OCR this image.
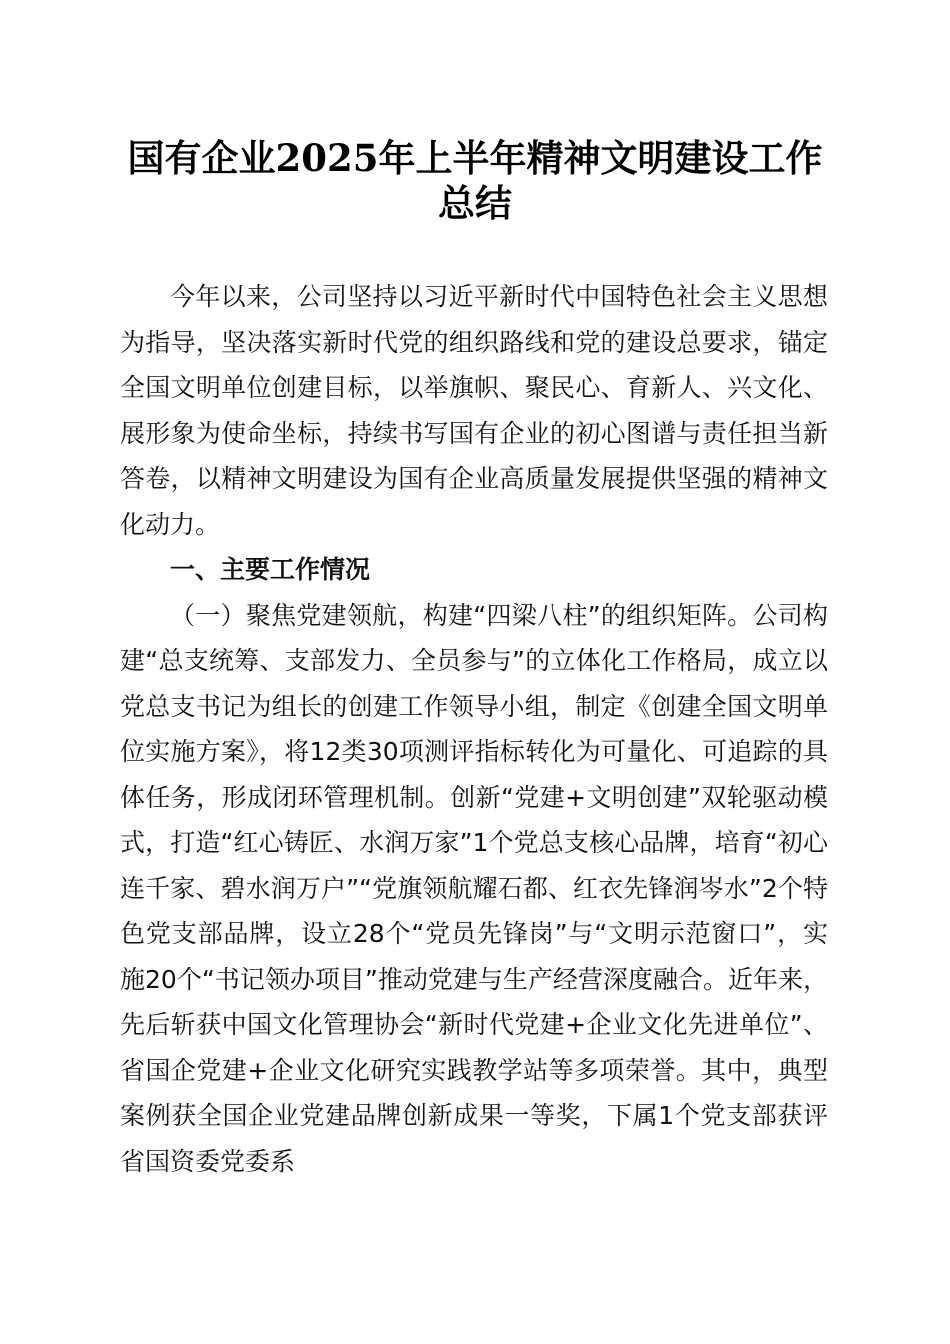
国有企业2025年上半年精神文明建设工作总结

今年以来，公司坚持以习近平新时代中国特色社会主义思想为指导，坚决落实新时代党的组织路线和党的建设总要求，锚定全国文明单位创建目标，以举旗帜、聚民心、育新人、兴文化、展形象为使命坐标，持续书写国有企业的初心图谱与责任担当新答卷，以精神文明建设为国有企业高质量发展提供坚强的精神文化动力。

一、主要工作情况

（一）聚焦党建领航，构建“四梁八柱”的组织矩阵。公司构建“总支统筹、支部发力、全员参与”的立体化工作格局，成立以党总支书记为组长的创建工作领导小组，制定《创建全国文明单位实施方案》，将12类30项测评指标转化为可量化、可追踪的具体任务，形成闭环管理机制。创新“党建+文明创建”双轮驱动模式，打造“红心铸匠、水润万家”1个党总支核心品牌，培育“初心连千家、碧水润万户”“党旗领航耀石都、红衣先锋润岑水”2个特色党支部品牌，设立28个“党员先锋岗”与“文明示范窗口”，实施20个“书记领办项目”推动党建与生产经营深度融合。近年来，先后斩获中国文化管理协会“新时代党建+企业文化先进单位”、省国企党建+企业文化研究实践教学站等多项荣誉。其中，典型案例获全国企业党建品牌创新成果一等奖，下属1个党支部获评省国资委党委系
